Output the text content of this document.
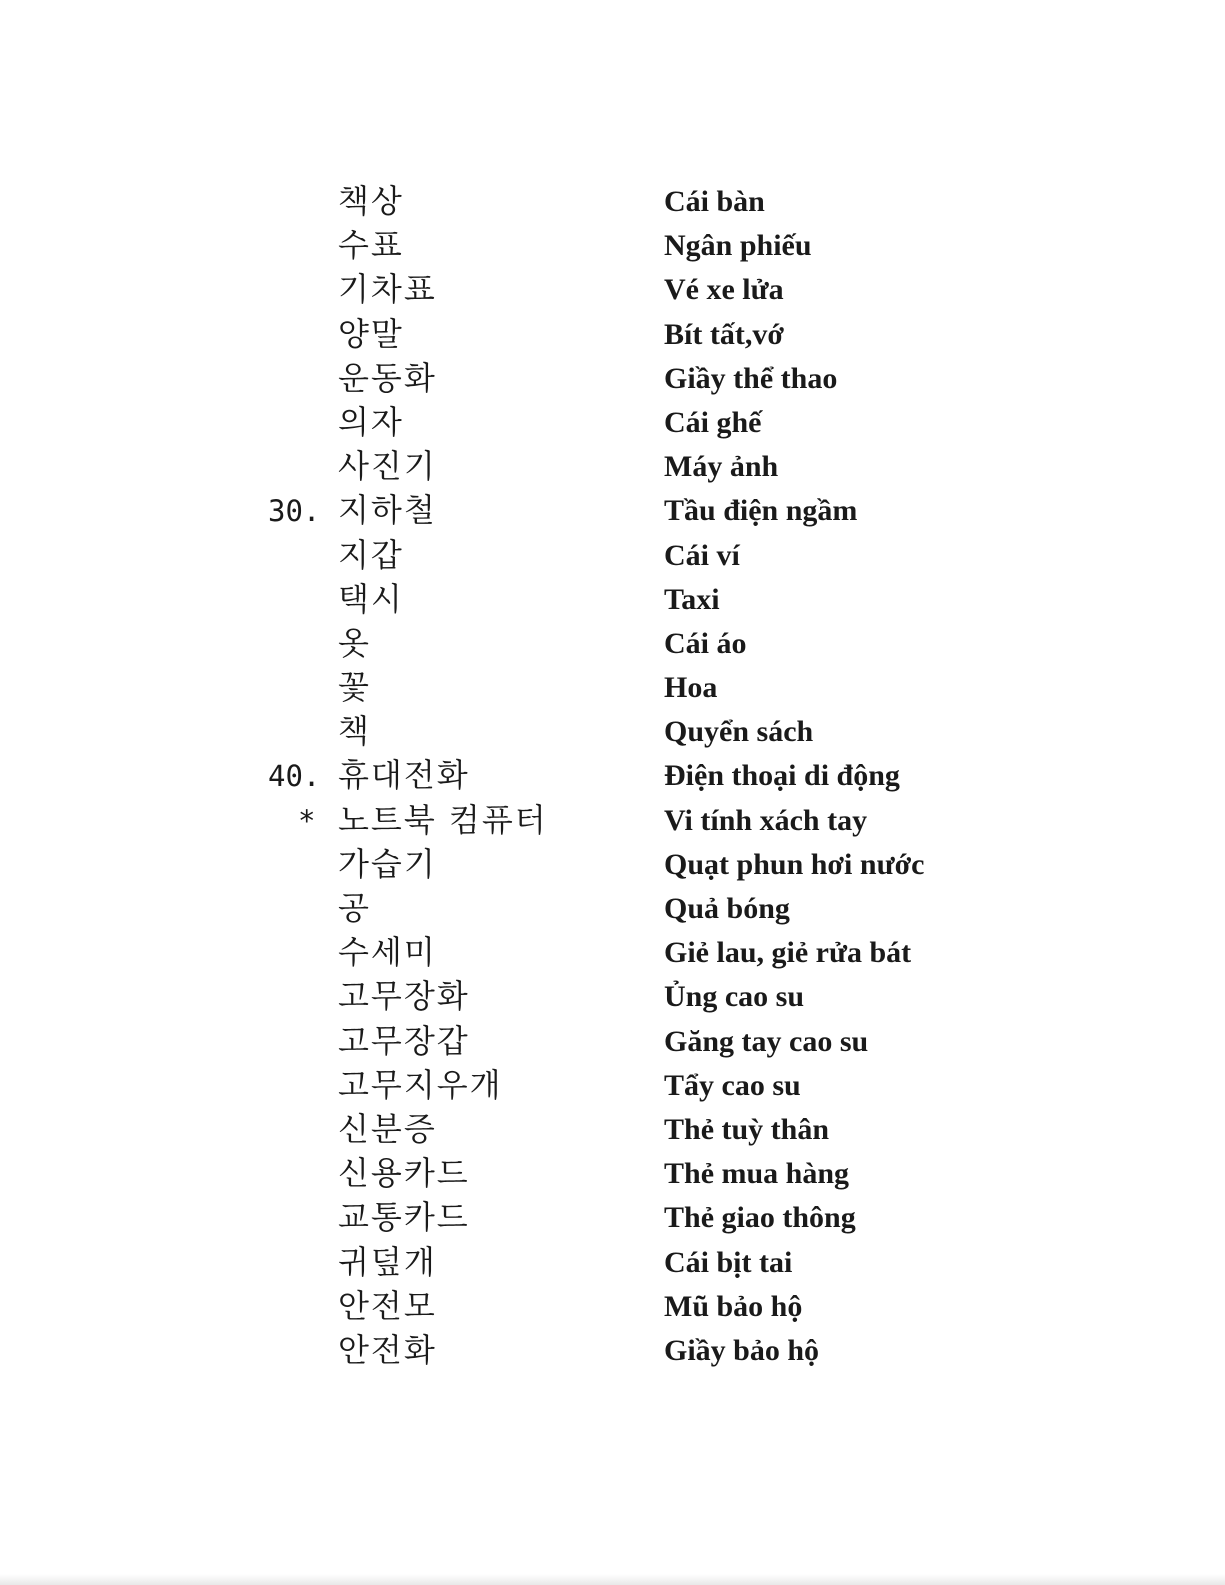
책상	Cái bàn
수표	Ngân phiếu
기차표	Vé xe lửa
양말	Bít tất,vớ
운동화	Giầy thể thao
의자	Cái ghế
사진기	Máy ảnh
30. 지하철	Tầu điện ngầm
지갑	Cái ví
택시	Taxi
옷	Cái áo
꽃	Hoa
책	Quyển sách
40. 휴대전화	Điện thoại di động
* 노트북 컴퓨터	Vi tính xách tay
가습기	Quạt phun hơi nước
공	Quả bóng
수세미	Giẻ lau, giẻ rửa bát
고무장화	Ủng cao su
고무장갑	Găng tay cao su
고무지우개	Tẩy cao su
신분증	Thẻ tuỳ thân
신용카드	Thẻ mua hàng
교통카드	Thẻ giao thông
귀덮개	Cái bịt tai
안전모	Mũ bảo hộ
안전화	Giầy bảo hộ
